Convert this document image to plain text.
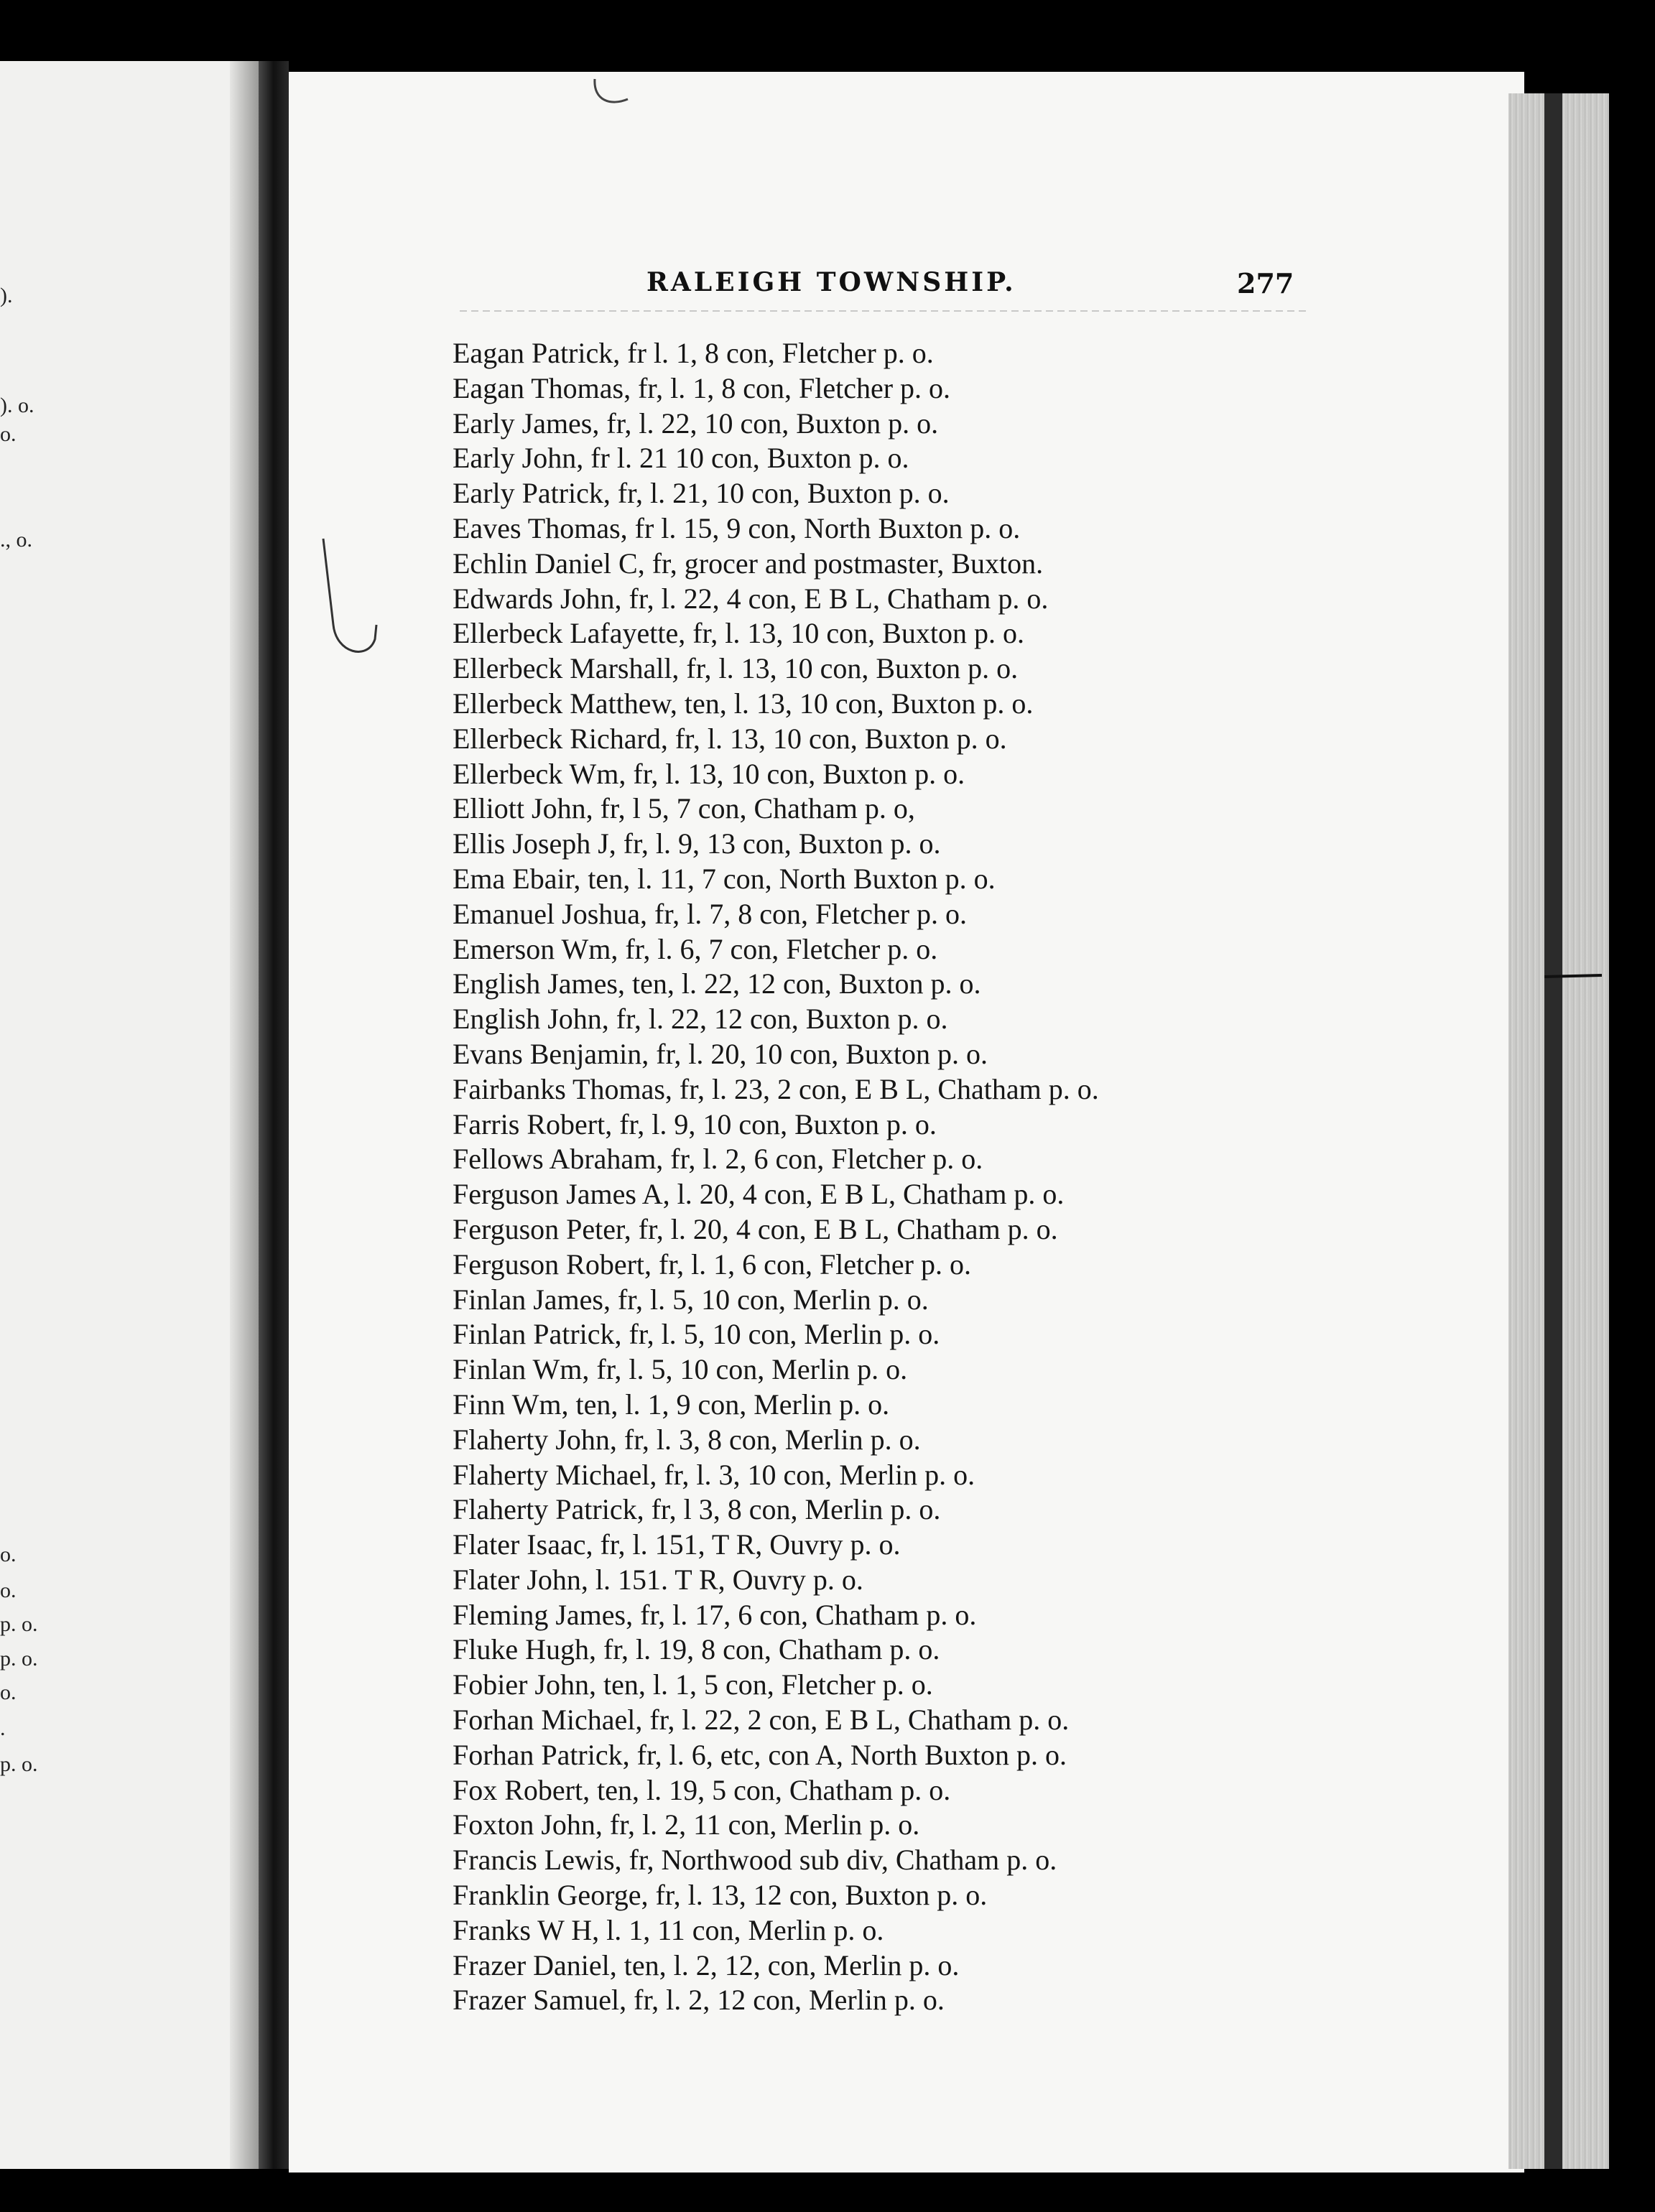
).
). o.
o.
., o.
o.
o.
p. o.
p. o.
o.
.
p. o.
RALEIGH TOWNSHIP.	277
Eagan Patrick, fr l. 1, 8 con, Fletcher p. o.
Eagan Thomas, fr, l. 1, 8 con, Fletcher p. o.
Early James, fr, l. 22, 10 con, Buxton p. o.
Early John, fr l. 21 10 con, Buxton p. o.
Early Patrick, fr, l. 21, 10 con, Buxton p. o.
Eaves Thomas, fr l. 15, 9 con, North Buxton p. o.
Echlin Daniel C, fr, grocer and postmaster, Buxton.
Edwards John, fr, l. 22, 4 con, E B L, Chatham p. o.
Ellerbeck Lafayette, fr, l. 13, 10 con, Buxton p. o.
Ellerbeck Marshall, fr, l. 13, 10 con, Buxton p. o.
Ellerbeck Matthew, ten, l. 13, 10 con, Buxton p. o.
Ellerbeck Richard, fr, l. 13, 10 con, Buxton p. o.
Ellerbeck Wm, fr, l. 13, 10 con, Buxton p. o.
Elliott John, fr, l 5, 7 con, Chatham p. o,
Ellis Joseph J, fr, l. 9, 13 con, Buxton p. o.
Ema Ebair, ten, l. 11, 7 con, North Buxton p. o.
Emanuel Joshua, fr, l. 7, 8 con, Fletcher p. o.
Emerson Wm, fr, l. 6, 7 con, Fletcher p. o.
English James, ten, l. 22, 12 con, Buxton p. o.
English John, fr, l. 22, 12 con, Buxton p. o.
Evans Benjamin, fr, l. 20, 10 con, Buxton p. o.
Fairbanks Thomas, fr, l. 23, 2 con, E B L, Chatham p. o.
Farris Robert, fr, l. 9, 10 con, Buxton p. o.
Fellows Abraham, fr, l. 2, 6 con, Fletcher p. o.
Ferguson James A, l. 20, 4 con, E B L, Chatham p. o.
Ferguson Peter, fr, l. 20, 4 con, E B L, Chatham p. o.
Ferguson Robert, fr, l. 1, 6 con, Fletcher p. o.
Finlan James, fr, l. 5, 10 con, Merlin p. o.
Finlan Patrick, fr, l. 5, 10 con, Merlin p. o.
Finlan Wm, fr, l. 5, 10 con, Merlin p. o.
Finn Wm, ten, l. 1, 9 con, Merlin p. o.
Flaherty John, fr, l. 3, 8 con, Merlin p. o.
Flaherty Michael, fr, l. 3, 10 con, Merlin p. o.
Flaherty Patrick, fr, l 3, 8 con, Merlin p. o.
Flater Isaac, fr, l. 151, T R, Ouvry p. o.
Flater John, l. 151. T R, Ouvry p. o.
Fleming James, fr, l. 17, 6 con, Chatham p. o.
Fluke Hugh, fr, l. 19, 8 con, Chatham p. o.
Fobier John, ten, l. 1, 5 con, Fletcher p. o.
Forhan Michael, fr, l. 22, 2 con, E B L, Chatham p. o.
Forhan Patrick, fr, l. 6, etc, con A, North Buxton p. o.
Fox Robert, ten, l. 19, 5 con, Chatham p. o.
Foxton John, fr, l. 2, 11 con, Merlin p. o.
Francis Lewis, fr, Northwood sub div, Chatham p. o.
Franklin George, fr, l. 13, 12 con, Buxton p. o.
Franks W H, l. 1, 11 con, Merlin p. o.
Frazer Daniel, ten, l. 2, 12, con, Merlin p. o.
Frazer Samuel, fr, l. 2, 12 con, Merlin p. o.
